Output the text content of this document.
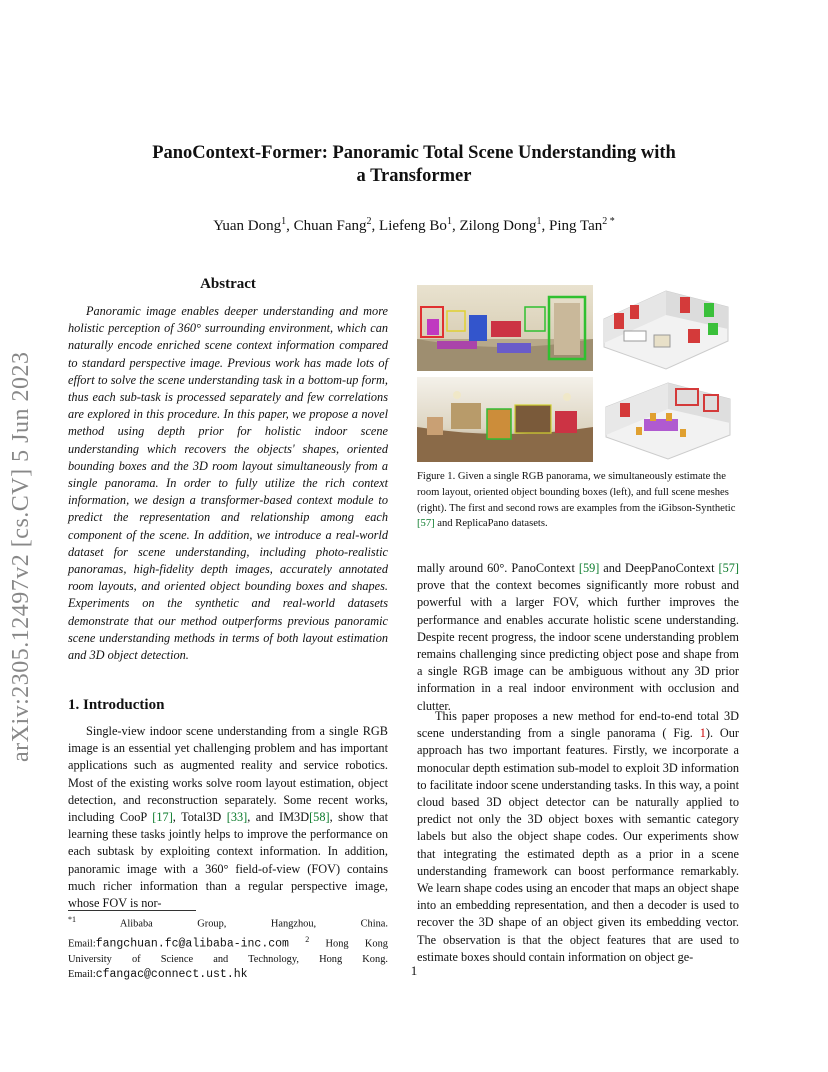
arXiv:2305.12497v2 [cs.CV] 5 Jun 2023
PanoContext-Former: Panoramic Total Scene Understanding with
a Transformer
Yuan Dong$^1$, Chuan Fang$^2$, Liefeng Bo$^1$, Zilong Dong$^1$, Ping Tan$^{2 *}$
Abstract
Panoramic image enables deeper understanding and more holistic perception of 360° surrounding environment, which can naturally encode enriched scene context information compared to standard perspective image. Previous work has made lots of effort to solve the scene understanding task in a bottom-up form, thus each sub-task is processed separately and few correlations are explored in this procedure. In this paper, we propose a novel method using depth prior for holistic indoor scene understanding which recovers the objects' shapes, oriented bounding boxes and the 3D room layout simultaneously from a single panorama. In order to fully utilize the rich context information, we design a transformer-based context module to predict the representation and relationship among each component of the scene. In addition, we introduce a real-world dataset for scene understanding, including photo-realistic panoramas, high-fidelity depth images, accurately annotated room layouts, and oriented object bounding boxes and shapes. Experiments on the synthetic and real-world datasets demonstrate that our method outperforms previous panoramic scene understanding methods in terms of both layout estimation and 3D object detection.
1. Introduction
Single-view indoor scene understanding from a single RGB image is an essential yet challenging problem and has important applications such as augmented reality and service robotics. Most of the existing works solve room layout estimation, object detection, and reconstruction separately. Some recent works, including CooP [17], Total3D [33], and IM3D[58], show that learning these tasks jointly helps to improve the performance on each subtask by exploiting context information. In addition, panoramic image with a 360° field-of-view (FOV) contains much richer information than a regular perspective image, whose FOV is nor-
$^{*1}$	Alibaba Group, Hangzhou, China. Email:fangchuan.fc@alibaba-inc.com $^2$ Hong Kong University of Science and Technology, Hong Kong. Email:cfangac@connect.ust.hk
Figure 1. Given a single RGB panorama, we simultaneously estimate the room layout, oriented object bounding boxes (left), and full scene meshes (right). The first and second rows are examples from the iGibson-Synthetic [57] and ReplicaPano datasets.
mally around 60°. PanoContext [59] and DeepPanoContext [57] prove that the context becomes significantly more robust and powerful with a larger FOV, which further improves the performance and enables accurate holistic scene understanding. Despite recent progress, the indoor scene understanding problem remains challenging since predicting object pose and shape from a single RGB image can be ambiguous without any 3D prior information in a real indoor environment with occlusion and clutter.
This paper proposes a new method for end-to-end total 3D scene understanding from a single panorama ( Fig. 1). Our approach has two important features. Firstly, we incorporate a monocular depth estimation sub-model to exploit 3D information to facilitate indoor scene understanding tasks. In this way, a point cloud based 3D object detector can be naturally applied to predict not only the 3D object boxes with semantic category labels but also the object shape codes. Our experiments show that integrating the estimated depth as a prior in a scene understanding framework can boost performance remarkably. We learn shape codes using an encoder that maps an object shape into an embedding representation, and then a decoder is used to recover the 3D shape of an object given its embedding vector. The observation is that the object features that are used to estimate boxes should contain information on object ge-
1
